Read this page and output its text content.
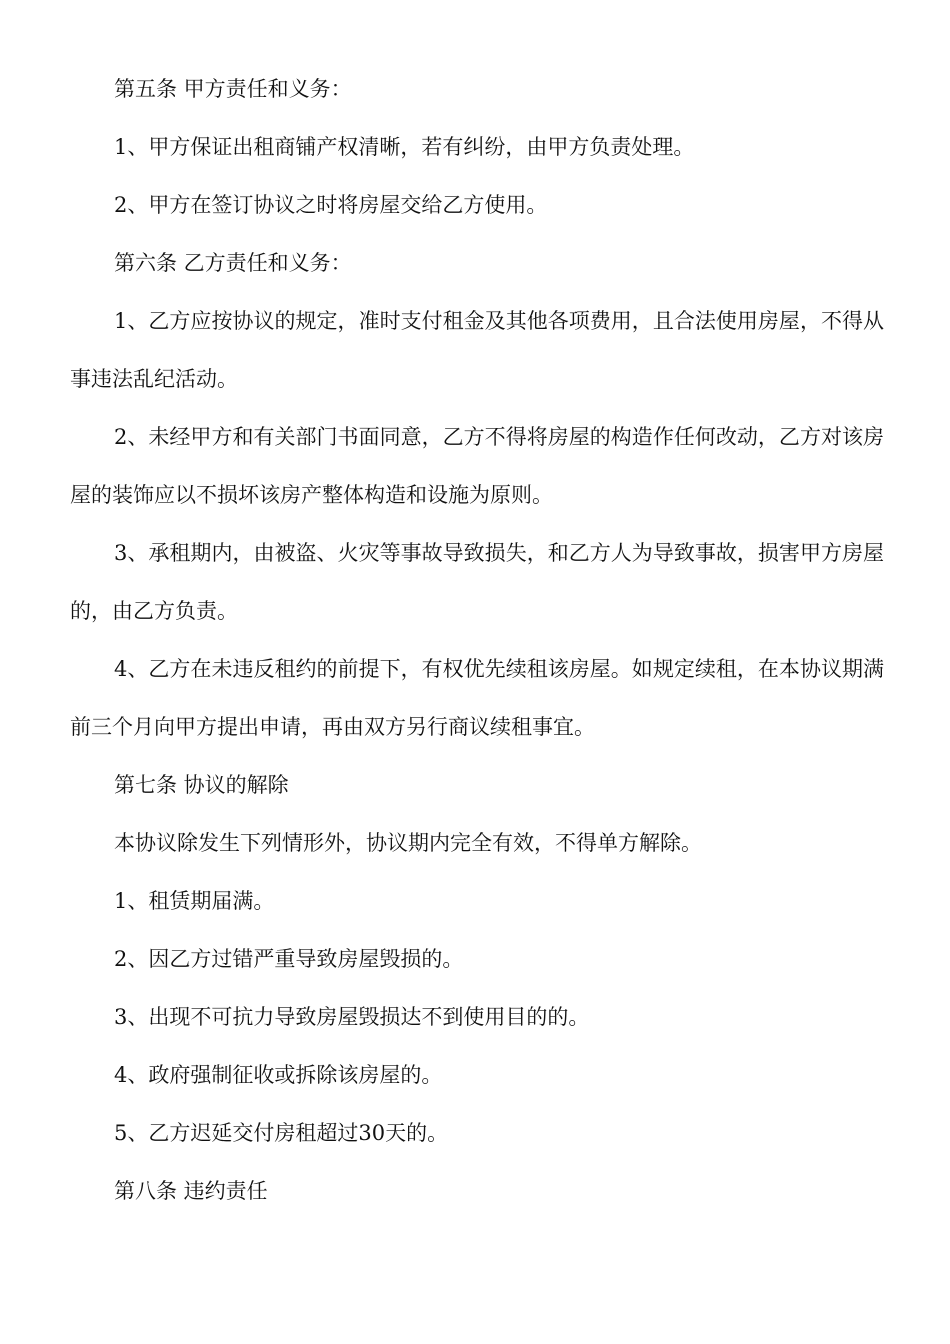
第五条 甲方责任和义务：

1、甲方保证出租商铺产权清晰，若有纠纷，由甲方负责处理。

2、甲方在签订协议之时将房屋交给乙方使用。

第六条 乙方责任和义务：

1、乙方应按协议的规定，准时支付租金及其他各项费用，且合法使用房屋，不得从事违法乱纪活动。

2、未经甲方和有关部门书面同意，乙方不得将房屋的构造作任何改动，乙方对该房屋的装饰应以不损坏该房产整体构造和设施为原则。

3、承租期内，由被盗、火灾等事故导致损失，和乙方人为导致事故，损害甲方房屋的，由乙方负责。

4、乙方在未违反租约的前提下，有权优先续租该房屋。如规定续租，在本协议期满前三个月向甲方提出申请，再由双方另行商议续租事宜。

第七条 协议的解除

本协议除发生下列情形外，协议期内完全有效，不得单方解除。

1、租赁期届满。

2、因乙方过错严重导致房屋毁损的。

3、出现不可抗力导致房屋毁损达不到使用目的的。

4、政府强制征收或拆除该房屋的。

5、乙方迟延交付房租超过30天的。

第八条 违约责任
